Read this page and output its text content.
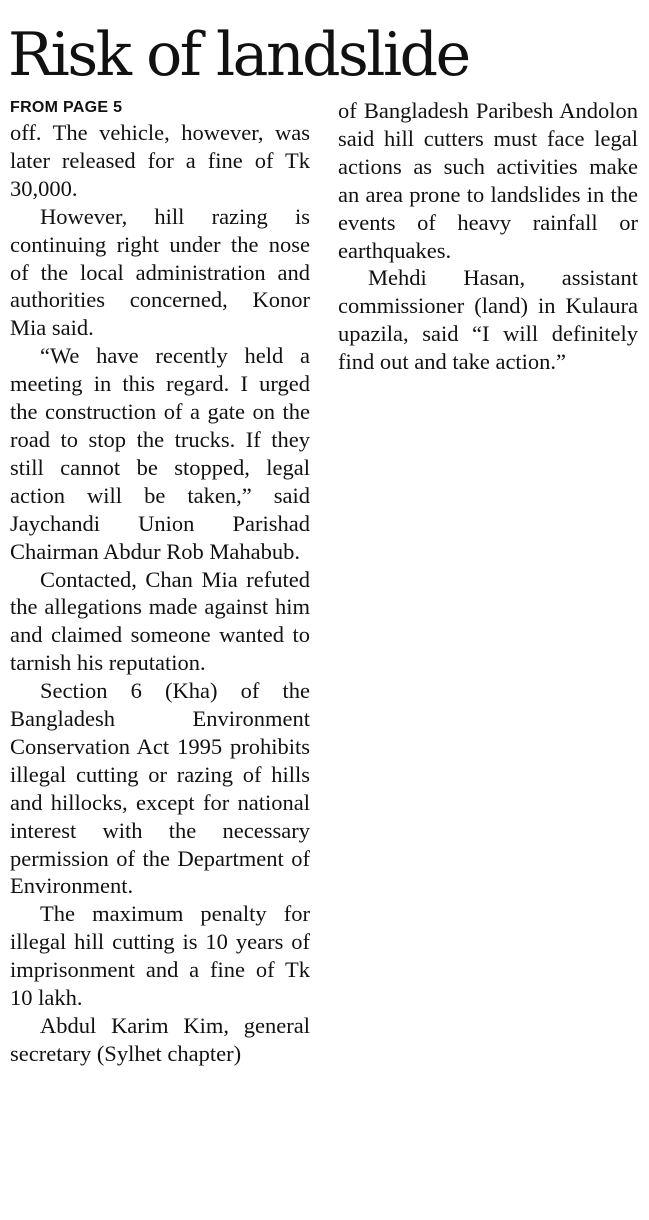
Risk of landslide
FROM PAGE 5

off. The vehicle, however, was later released for a fine of Tk 30,000.

However, hill razing is continuing right under the nose of the local administration and authorities concerned, Konor Mia said.

“We have recently held a meeting in this regard. I urged the construction of a gate on the road to stop the trucks. If they still cannot be stopped, legal action will be taken,” said Jaychandi Union Parishad Chairman Abdur Rob Mahabub.

Contacted, Chan Mia refuted the allegations made against him and claimed someone wanted to tarnish his reputation.

Section 6 (Kha) of the Bangladesh Environment Conservation Act 1995 prohibits illegal cutting or razing of hills and hillocks, except for national interest with the necessary permission of the Department of Environment.

The maximum penalty for illegal hill cutting is 10 years of imprisonment and a fine of Tk 10 lakh.

Abdul Karim Kim, general secretary (Sylhet chapter)

of Bangladesh Paribesh Andolon said hill cutters must face legal actions as such activities make an area prone to landslides in the events of heavy rainfall or earthquakes.

Mehdi Hasan, assistant commissioner (land) in Kulaura upazila, said “I will definitely find out and take action.”
